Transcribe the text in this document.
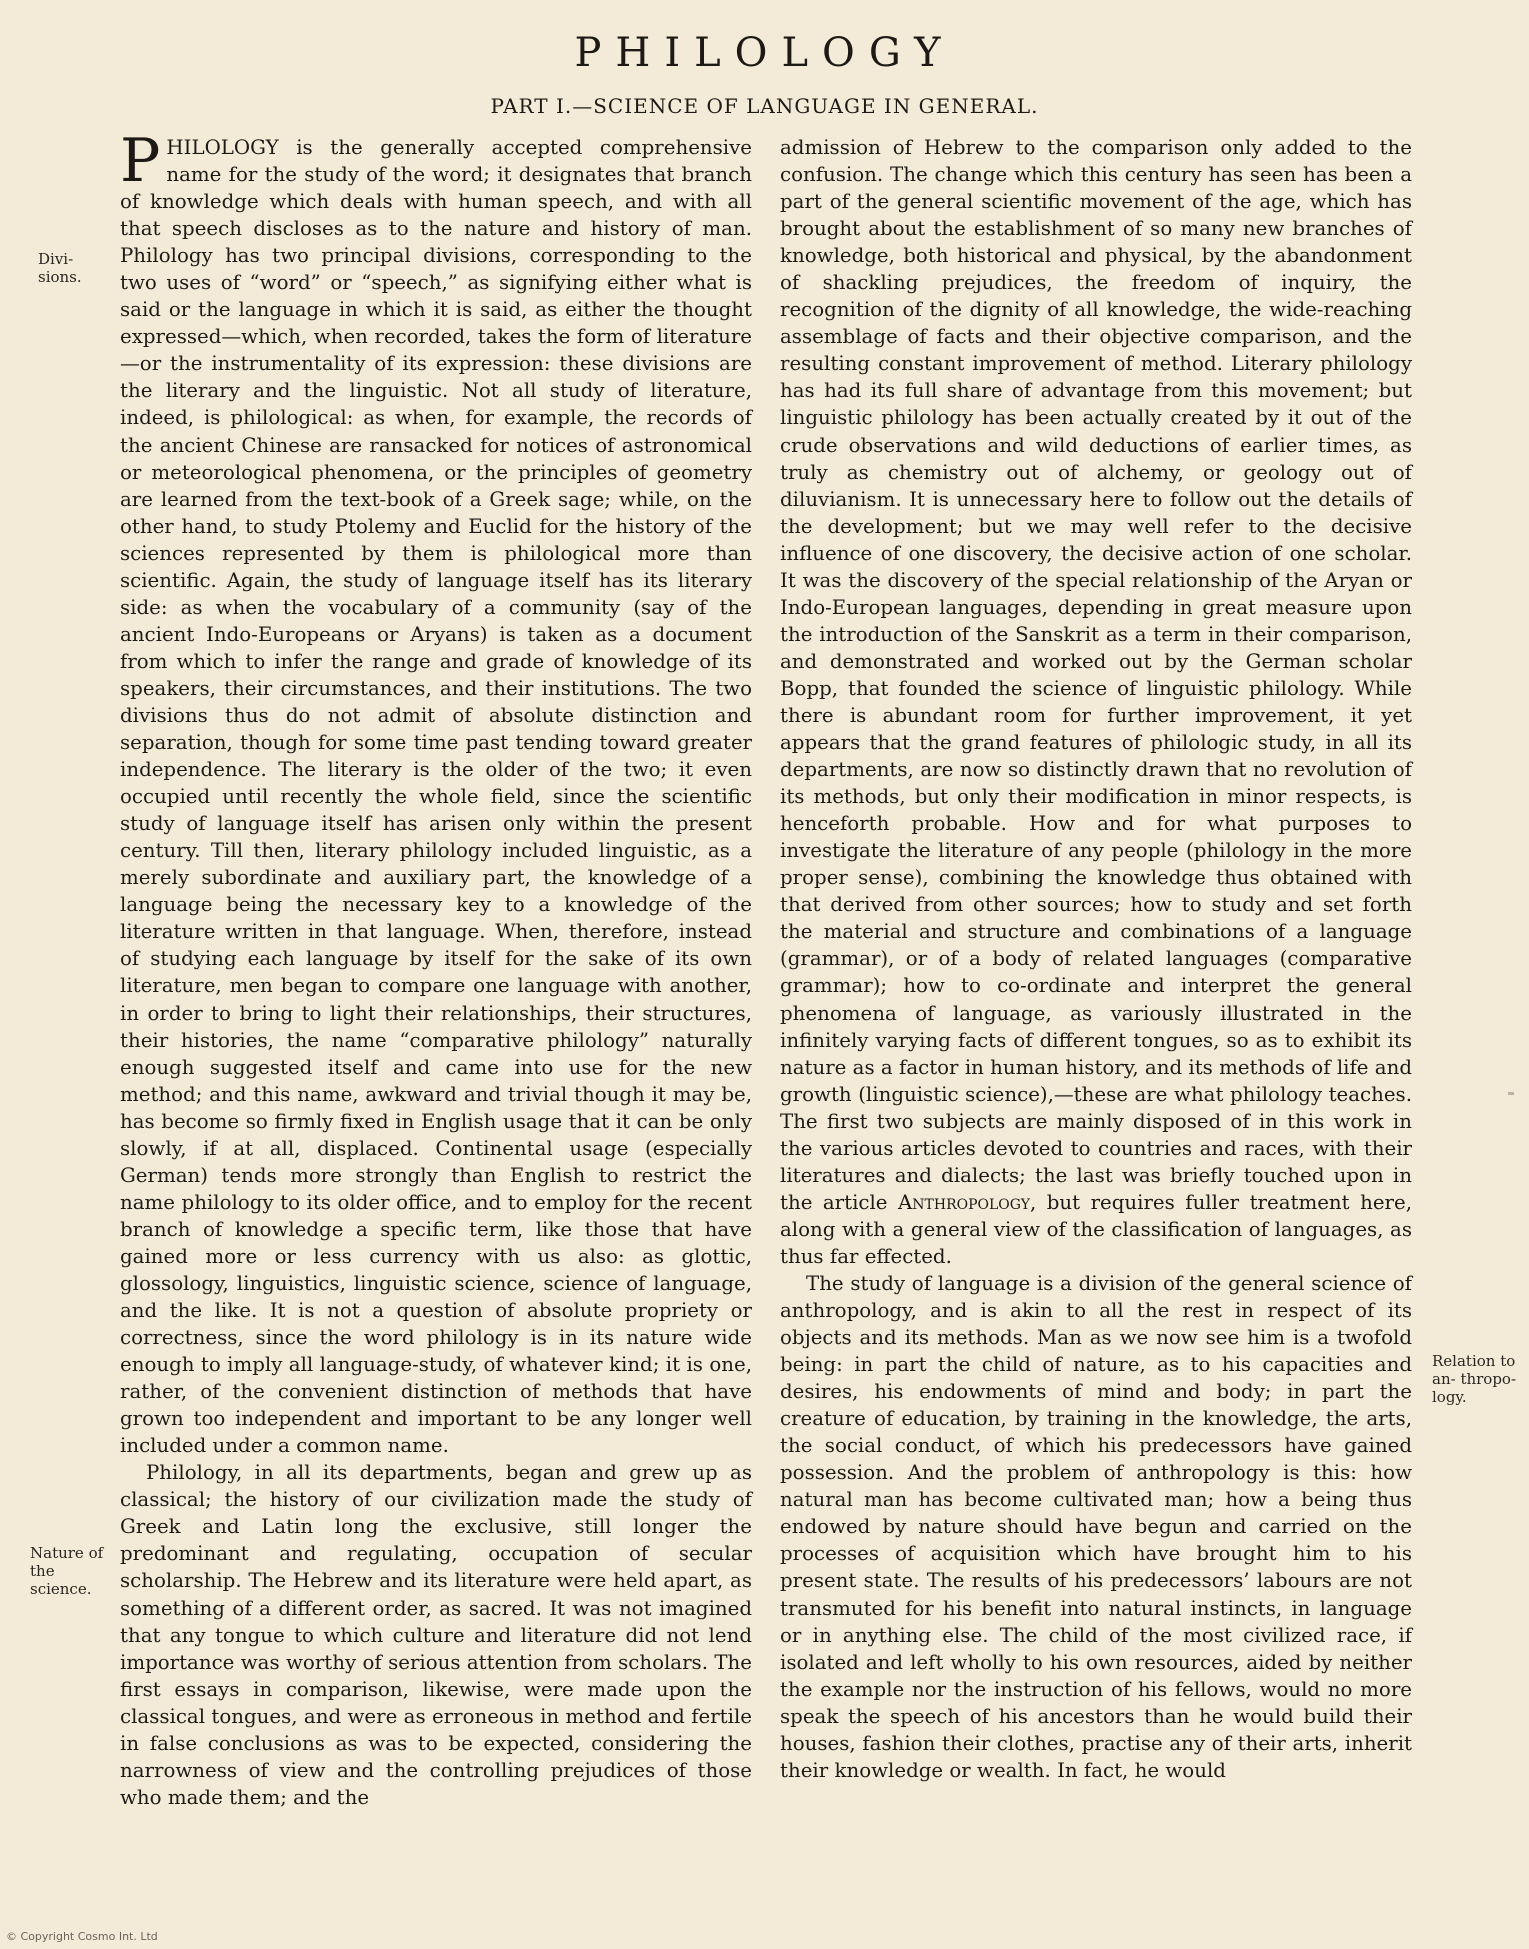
PHILOLOGY
PART I.—SCIENCE OF LANGUAGE IN GENERAL.
Divi- sions.
Nature of the science.
Relation to an- thropo- logy.

PHILOLOGY is the generally accepted comprehensive name for the study of the word; it designates that branch of knowledge which deals with human speech, and with all that speech discloses as to the nature and history of man. Philology has two principal divisions, corresponding to the two uses of “word” or “speech,” as signifying either what is said or the language in which it is said, as either the thought expressed—which, when recorded, takes the form of literature—or the instrumentality of its expression: these divisions are the literary and the linguistic. Not all study of literature, indeed, is philological: as when, for example, the records of the ancient Chinese are ransacked for notices of astronomical or meteorological phenomena, or the principles of geometry are learned from the text-book of a Greek sage; while, on the other hand, to study Ptolemy and Euclid for the history of the sciences represented by them is philological more than scientific. Again, the study of language itself has its literary side: as when the vocabulary of a community (say of the ancient Indo-Europeans or Aryans) is taken as a document from which to infer the range and grade of knowledge of its speakers, their circumstances, and their institutions. The two divisions thus do not admit of absolute distinction and separation, though for some time past tending toward greater independence. The literary is the older of the two; it even occupied until recently the whole field, since the scientific study of language itself has arisen only within the present century. Till then, literary philology included linguistic, as a merely subordinate and auxiliary part, the knowledge of a language being the necessary key to a knowledge of the literature written in that language. When, therefore, instead of studying each language by itself for the sake of its own literature, men began to compare one language with another, in order to bring to light their relationships, their structures, their histories, the name “comparative philology” naturally enough suggested itself and came into use for the new method; and this name, awkward and trivial though it may be, has become so firmly fixed in English usage that it can be only slowly, if at all, displaced. Continental usage (especially German) tends more strongly than English to restrict the name philology to its older office, and to employ for the recent branch of knowledge a specific term, like those that have gained more or less currency with us also: as glottic, glossology, linguistics, linguistic science, science of language, and the like. It is not a question of absolute propriety or correctness, since the word philology is in its nature wide enough to imply all language-study, of whatever kind; it is one, rather, of the convenient distinction of methods that have grown too independent and important to be any longer well included under a common name.

Philology, in all its departments, began and grew up as classical; the history of our civilization made the study of Greek and Latin long the exclusive, still longer the predominant and regulating, occupation of secular scholarship. The Hebrew and its literature were held apart, as something of a different order, as sacred. It was not imagined that any tongue to which culture and literature did not lend importance was worthy of serious attention from scholars. The first essays in comparison, likewise, were made upon the classical tongues, and were as erroneous in method and fertile in false conclusions as was to be expected, considering the narrowness of view and the controlling prejudices of those who made them; and the

admission of Hebrew to the comparison only added to the confusion. The change which this century has seen has been a part of the general scientific movement of the age, which has brought about the establishment of so many new branches of knowledge, both historical and physical, by the abandonment of shackling prejudices, the freedom of inquiry, the recognition of the dignity of all knowledge, the wide-reaching assemblage of facts and their objective comparison, and the resulting constant improvement of method. Literary philology has had its full share of advantage from this movement; but linguistic philology has been actually created by it out of the crude observations and wild deductions of earlier times, as truly as chemistry out of alchemy, or geology out of diluvianism. It is unnecessary here to follow out the details of the development; but we may well refer to the decisive influence of one discovery, the decisive action of one scholar. It was the discovery of the special relationship of the Aryan or Indo-European languages, depending in great measure upon the introduction of the Sanskrit as a term in their comparison, and demonstrated and worked out by the German scholar Bopp, that founded the science of linguistic philology. While there is abundant room for further improvement, it yet appears that the grand features of philologic study, in all its departments, are now so distinctly drawn that no revolution of its methods, but only their modification in minor respects, is henceforth probable. How and for what purposes to investigate the literature of any people (philology in the more proper sense), combining the knowledge thus obtained with that derived from other sources; how to study and set forth the material and structure and combinations of a language (grammar), or of a body of related languages (comparative grammar); how to co-ordinate and interpret the general phenomena of language, as variously illustrated in the infinitely varying facts of different tongues, so as to exhibit its nature as a factor in human history, and its methods of life and growth (linguistic science),—these are what philology teaches. The first two subjects are mainly disposed of in this work in the various articles devoted to countries and races, with their literatures and dialects; the last was briefly touched upon in the article Anthropology, but requires fuller treatment here, along with a general view of the classification of languages, as thus far effected.

The study of language is a division of the general science of anthropology, and is akin to all the rest in respect of its objects and its methods. Man as we now see him is a twofold being: in part the child of nature, as to his capacities and desires, his endowments of mind and body; in part the creature of education, by training in the knowledge, the arts, the social conduct, of which his predecessors have gained possession. And the problem of anthropology is this: how natural man has become cultivated man; how a being thus endowed by nature should have begun and carried on the processes of acquisition which have brought him to his present state. The results of his predecessors’ labours are not transmuted for his benefit into natural instincts, in language or in anything else. The child of the most civilized race, if isolated and left wholly to his own resources, aided by neither the example nor the instruction of his fellows, would no more speak the speech of his ancestors than he would build their houses, fashion their clothes, practise any of their arts, inherit their knowledge or wealth. In fact, he would

© Copyright Cosmo Int. Ltd
